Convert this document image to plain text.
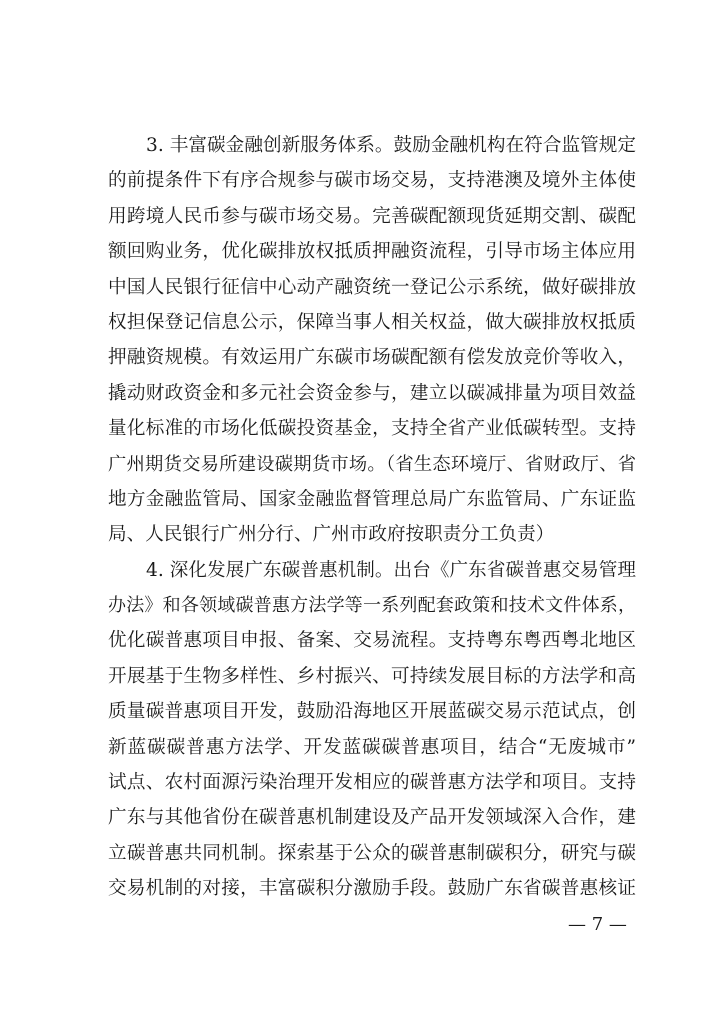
3. 丰富碳金融创新服务体系。鼓励金融机构在符合监管规定
的前提条件下有序合规参与碳市场交易，支持港澳及境外主体使
用跨境人民币参与碳市场交易。完善碳配额现货延期交割、碳配
额回购业务，优化碳排放权抵质押融资流程，引导市场主体应用
中国人民银行征信中心动产融资统一登记公示系统，做好碳排放
权担保登记信息公示，保障当事人相关权益，做大碳排放权抵质
押融资规模。有效运用广东碳市场碳配额有偿发放竞价等收入，
撬动财政资金和多元社会资金参与，建立以碳减排量为项目效益
量化标准的市场化低碳投资基金，支持全省产业低碳转型。支持
广州期货交易所建设碳期货市场。（省生态环境厅、省财政厅、省
地方金融监管局、国家金融监督管理总局广东监管局、广东证监
局、人民银行广州分行、广州市政府按职责分工负责）
4. 深化发展广东碳普惠机制。出台《广东省碳普惠交易管理
办法》和各领域碳普惠方法学等一系列配套政策和技术文件体系，
优化碳普惠项目申报、备案、交易流程。支持粤东粤西粤北地区
开展基于生物多样性、乡村振兴、可持续发展目标的方法学和高
质量碳普惠项目开发，鼓励沿海地区开展蓝碳交易示范试点，创
新蓝碳碳普惠方法学、开发蓝碳碳普惠项目，结合“无废城市”
试点、农村面源污染治理开发相应的碳普惠方法学和项目。支持
广东与其他省份在碳普惠机制建设及产品开发领域深入合作，建
立碳普惠共同机制。探索基于公众的碳普惠制碳积分，研究与碳
交易机制的对接，丰富碳积分激励手段。鼓励广东省碳普惠核证
— 7 —
